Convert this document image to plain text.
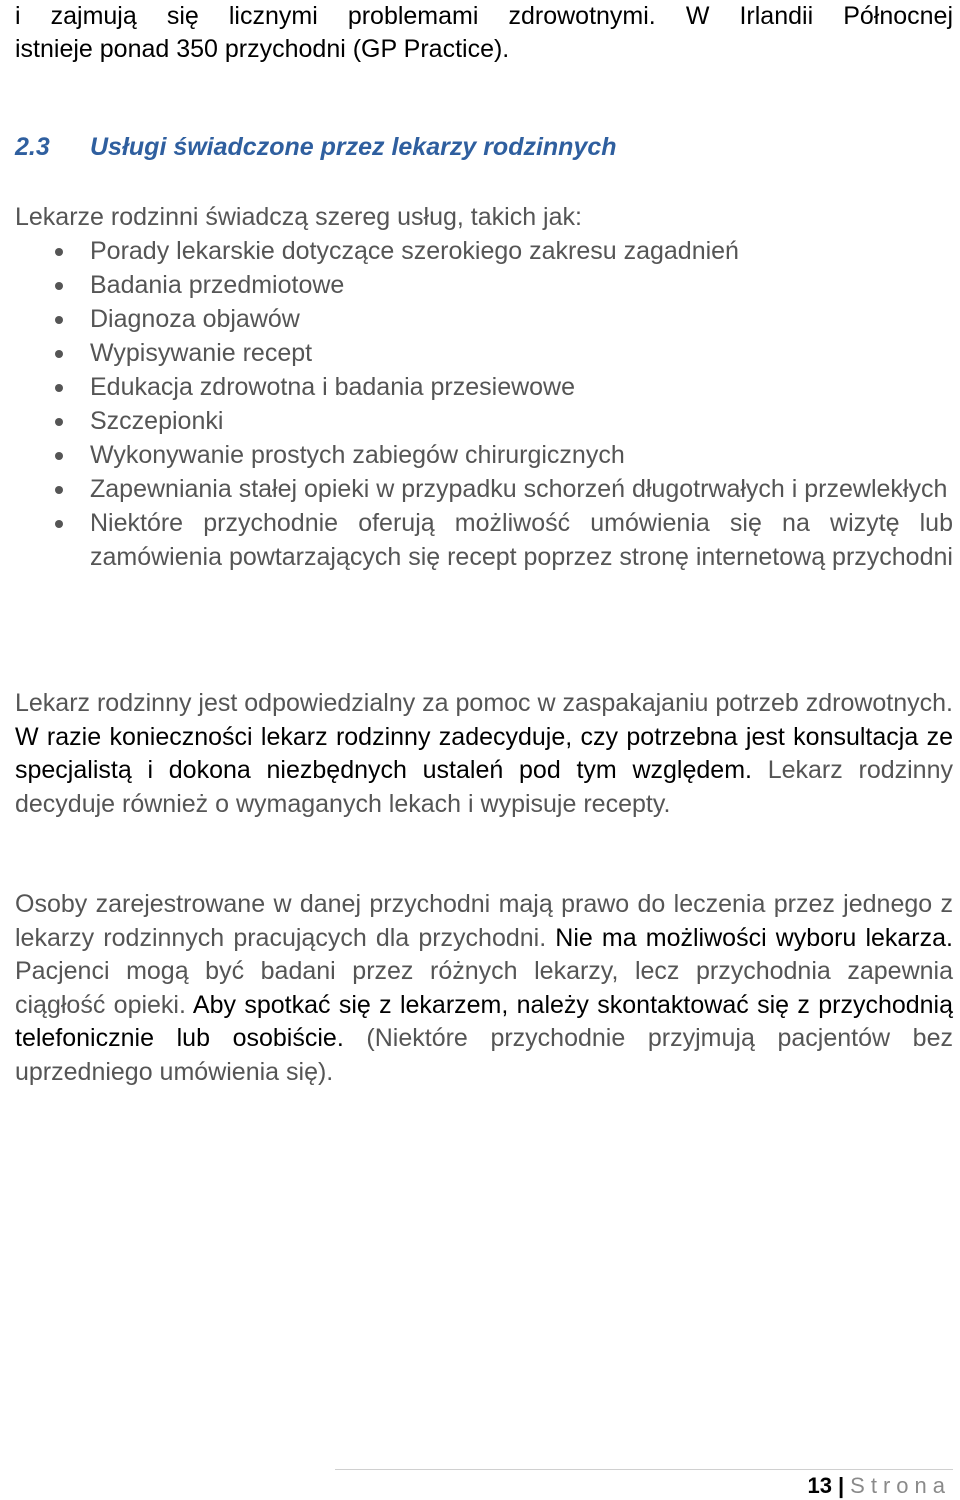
i zajmują się licznymi problemami zdrowotnymi. W Irlandii Północnej
istnieje ponad 350 przychodni (GP Practice).
2.3 Usługi świadczone przez lekarzy rodzinnych

Lekarze rodzinni świadczą szereg usług, takich jak:

Porady lekarskie dotyczące szerokiego zakresu zagadnień
Badania przedmiotowe
Diagnoza objawów
Wypisywanie recept
Edukacja zdrowotna i badania przesiewowe
Szczepionki
Wykonywanie prostych zabiegów chirurgicznych
Zapewniania stałej opieki w przypadku schorzeń długotrwałych i przewlekłych
Niektóre przychodnie oferują możliwość umówienia się na wizytę lub zamówienia powtarzających się recept poprzez stronę internetową przychodni

Lekarz rodzinny jest odpowiedzialny za pomoc w zaspakajaniu potrzeb zdrowotnych. W razie konieczności lekarz rodzinny zadecyduje, czy potrzebna jest konsultacja ze specjalistą i dokona niezbędnych ustaleń pod tym względem. Lekarz rodzinny decyduje również o wymaganych lekach i wypisuje recepty.

Osoby zarejestrowane w danej przychodni mają prawo do leczenia przez jednego z lekarzy rodzinnych pracujących dla przychodni. Nie ma możliwości wyboru lekarza. Pacjenci mogą być badani przez różnych lekarzy, lecz przychodnia zapewnia ciągłość opieki. Aby spotkać się z lekarzem, należy skontaktować się z przychodnią telefonicznie lub osobiście. (Niektóre przychodnie przyjmują pacjentów bez uprzedniego umówienia się).

13 | Strona
